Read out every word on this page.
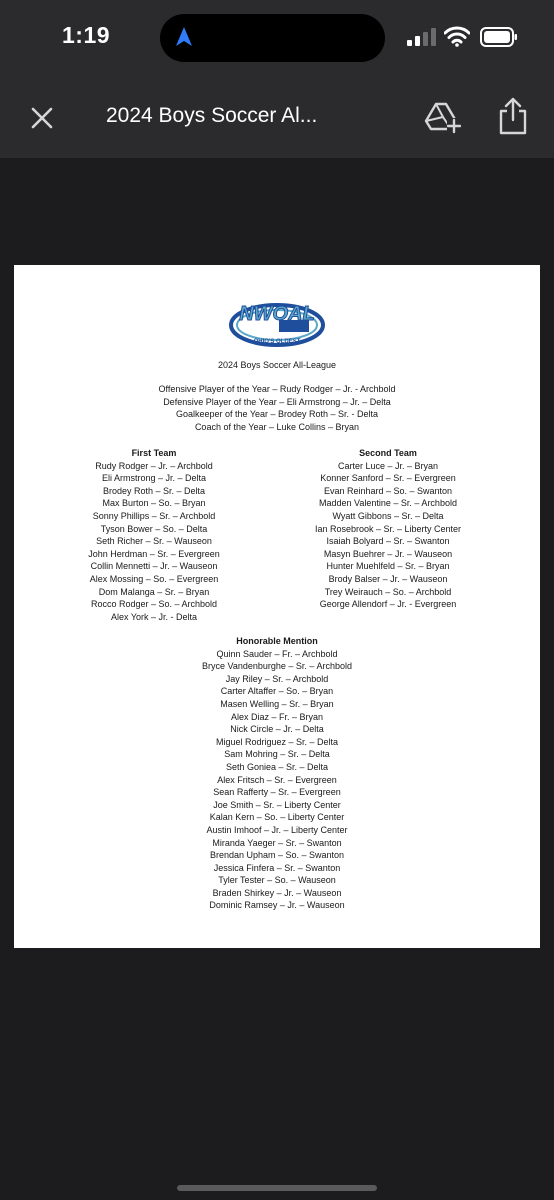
1:19
2024 Boys Soccer Al...
NWOAL
OHIO'S OLDEST
2024 Boys Soccer All-League
Offensive Player of the Year – Rudy Rodger – Jr. - Archbold
Defensive Player of the Year – Eli Armstrong – Jr. – Delta
Goalkeeper of the Year – Brodey Roth – Sr. - Delta
Coach of the Year – Luke Collins – Bryan
First Team
Rudy Rodger – Jr. – Archbold
Eli Armstrong – Jr. – Delta
Brodey Roth – Sr. – Delta
Max Burton – So. – Bryan
Sonny Phillips – Sr. – Archbold
Tyson Bower – So. – Delta
Seth Richer – Sr. – Wauseon
John Herdman – Sr. – Evergreen
Collin Mennetti – Jr. – Wauseon
Alex Mossing – So. – Evergreen
Dom Malanga – Sr. – Bryan
Rocco Rodger – So. – Archbold
Alex York – Jr. - Delta
Second Team
Carter Luce – Jr. – Bryan
Konner Sanford – Sr. – Evergreen
Evan Reinhard – So. – Swanton
Madden Valentine – Sr. – Archbold
Wyatt Gibbons – Sr. – Delta
Ian Rosebrook – Sr. – Liberty Center
Isaiah Bolyard – Sr. – Swanton
Masyn Buehrer – Jr. – Wauseon
Hunter Muehlfeld – Sr. – Bryan
Brody Balser – Jr. – Wauseon
Trey Weirauch – So. – Archbold
George Allendorf – Jr. - Evergreen
Honorable Mention
Quinn Sauder – Fr. – Archbold
Bryce Vandenburghe – Sr. – Archbold
Jay Riley – Sr. – Archbold
Carter Altaffer – So. – Bryan
Masen Welling – Sr. – Bryan
Alex Diaz – Fr. – Bryan
Nick Circle – Jr. – Delta
Miguel Rodriguez – Sr. – Delta
Sam Mohring – Sr. – Delta
Seth Goniea – Sr. – Delta
Alex Fritsch – Sr. – Evergreen
Sean Rafferty – Sr. – Evergreen
Joe Smith – Sr. – Liberty Center
Kalan Kern – So. – Liberty Center
Austin Imhoof – Jr. – Liberty Center
Miranda Yaeger – Sr. – Swanton
Brendan Upham – So. – Swanton
Jessica Finfera – Sr. – Swanton
Tyler Tester – So. – Wauseon
Braden Shirkey – Jr. – Wauseon
Dominic Ramsey – Jr. – Wauseon
